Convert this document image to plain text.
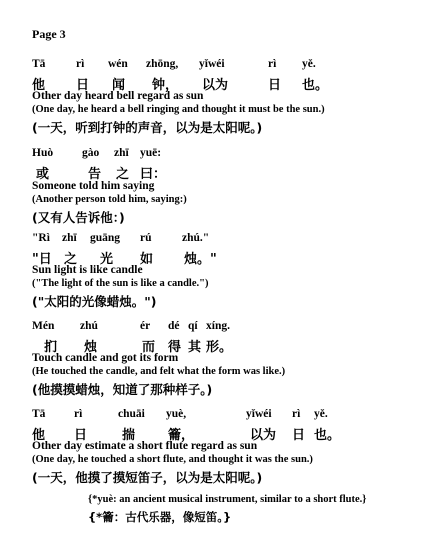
Page 3
Tā	rì wén zhōng, yǐwéi	rì yě.
他 日 闻 钟， 以为	日 也。
Other day heard bell regard as sun
(One day, he heard a bell ringing and thought it must be the sun.)
(一天，听到打钟的声音，以为是太阳呢。)
Huò	gào zhī yuē:
或	告 之 曰：
Someone told him saying
(Another person told him, saying:)
(又有人告诉他：)
"Rì zhī guāng rú	zhú."
"日 之 光 如 烛。"
Sun light is like candle
("The light of the sun is like a candle.")
("太阳的光像蜡烛。")
Mén zhú	ér dé qí xíng.
扪 烛	而 得 其 形。
Touch candle and got its form
(He touched the candle, and felt what the form was like.)
(他摸摸蜡烛，知道了那种样子。)
Tā rì	chuāi yuè,	yǐwéi rì yě.
他 日	揣	籥，	以为 日 也。
Other day estimate a short flute regard as sun
(One day, he touched a short flute, and thought it was the sun.)
(一天，他摸了摸短笛子，以为是太阳呢。)
{*yuè: an ancient musical instrument, similar to a short flute.}
{*籥：古代乐器，像短笛。}
